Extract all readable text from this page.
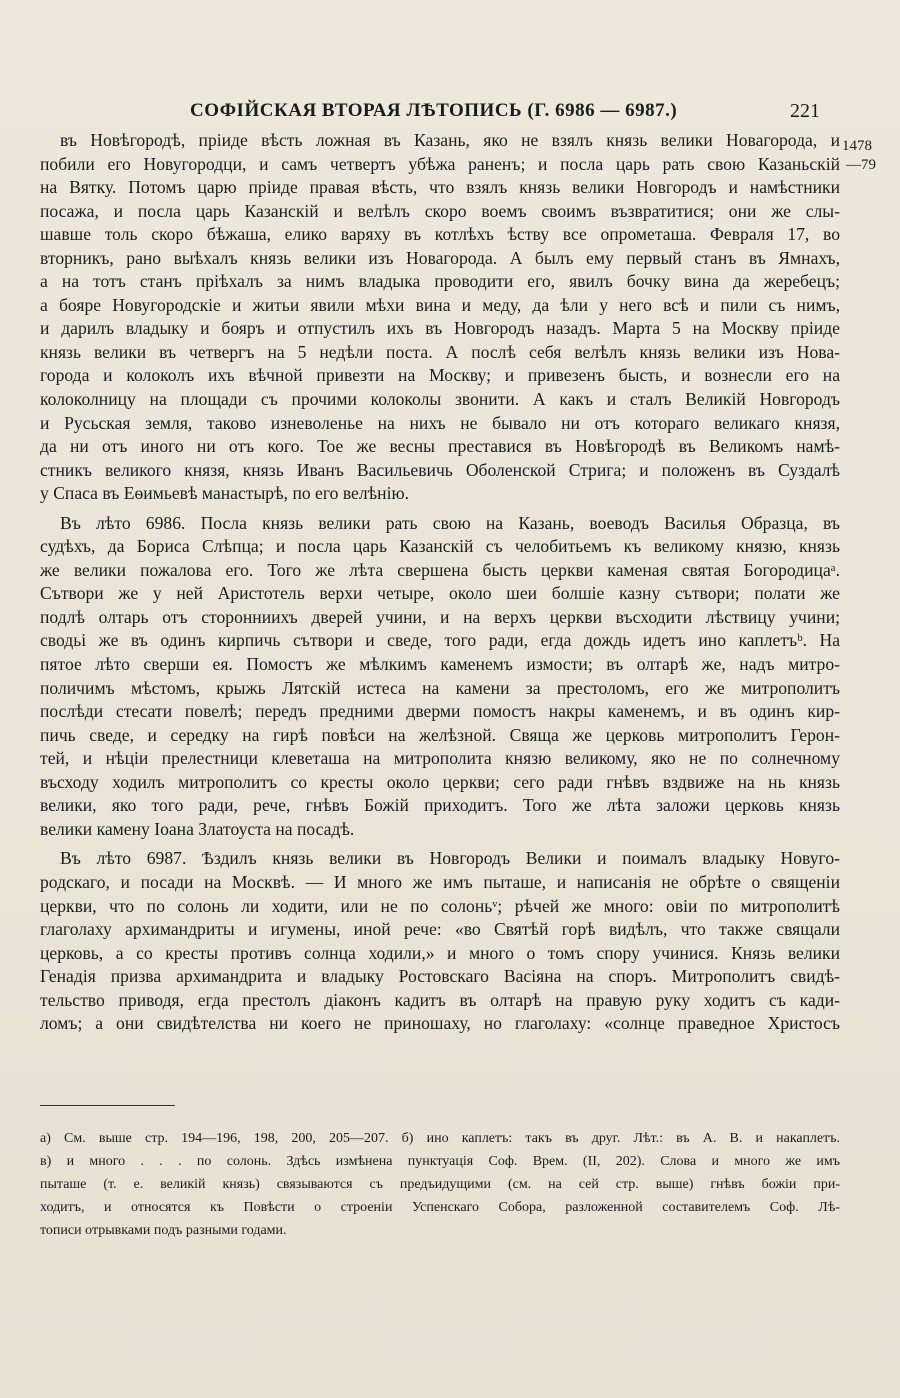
СОФІЙСКАЯ ВТОРАЯ ЛѢТОПИСЬ (Г. 6986 — 6987.)	221
1478
—79
въ Новѣгородѣ, пріиде вѣсть ложная въ Казань, яко не взялъ князь велики Новагорода, и
побили его Новугородци, и самъ четвертъ убѣжа раненъ; и посла царь рать свою Казаньскій
на Вятку. Потомъ царю пріиде правая вѣсть, что взялъ князь велики Новгородъ и намѣстники
посажа, и посла царь Казанскій и велѣлъ скоро воемъ своимъ възвратитися; они же слы-
шавше толь скоро бѣжаша, елико варяху въ котлѣхъ ѣству все опрометаша. Февраля 17, во
вторникъ, рано выѣхалъ князь велики изъ Новагорода. А былъ ему первый станъ въ Ямнахъ,
а на тотъ станъ пріѣхалъ за нимъ владыка проводити его, явилъ бочку вина да жеребецъ;
а бояре Новугородскіе и житьи явили мѣхи вина и меду, да ѣли у него всѣ и пили съ нимъ,
и дарилъ владыку и бояръ и отпустилъ ихъ въ Новгородъ назадъ. Марта 5 на Москву пріиде
князь велики въ четвергъ на 5 недѣли поста. А послѣ себя велѣлъ князь велики изъ Нова-
города и колоколъ ихъ вѣчной привезти на Москву; и привезенъ бысть, и вознесли его на
колоколницу на площади съ прочими колоколы звонити. А какъ и сталъ Великій Новгородъ
и Русьская земля, таково изневоленье на нихъ не бывало ни отъ котораго великаго князя,
да ни отъ иного ни отъ кого. Тое же весны преставися въ Новѣгородѣ въ Великомъ намѣ-
стникъ великого князя, князь Иванъ Васильевичь Оболенской Стрига; и положенъ въ Суздалѣ
у Спаса въ Еѳимьевѣ манастырѣ, по его велѣнію.
Въ лѣто 6986. Посла князь велики рать свою на Казань, воеводъ Василья Образца, въ
судѣхъ, да Бориса Слѣпца; и посла царь Казанскій съ челобитьемъ къ великому князю, князь
же велики пожалова его. Того же лѣта свершена бысть церкви каменая святая Богородицаᵃ.
Сътвори же у ней Аристотель верхи четыре, около шеи болшіе казну сътвори; полати же
подлѣ олтарь отъ сторонниихъ дверей учини, и на верхъ церкви въсходити лѣствицу учини;
сводьі же въ одинъ кирпичь сътвори и сведе, того ради, егда дождь идетъ ино каплетъᵇ. На
пятое лѣто сверши ея. Помостъ же мѣлкимъ каменемъ измости; въ олтарѣ же, надъ митро-
поличимъ мѣстомъ, крыжь Лятскій истеса на камени за престоломъ, его же митрополитъ
послѣди стесати повелѣ; передъ предними дверми помостъ накры каменемъ, и въ одинъ кир-
пичь сведе, и середку на гирѣ повѣси на желѣзной. Свяща же церковь митрополитъ Герон-
тей, и нѣціи прелестници клеветаша на митрополита князю великому, яко не по солнечному
въсходу ходилъ митрополитъ со кресты около церкви; сего ради гнѣвъ вздвиже на нь князь
велики, яко того ради, рече, гнѣвъ Божій приходитъ. Того же лѣта заложи церковь князь
велики камену Іоана Златоуста на посадѣ.
Въ лѣто 6987. Ѣздилъ князь велики въ Новгородъ Велики и поималъ владыку Новуго-
родскаго, и посади на Москвѣ. — И много же имъ пыташе, и написанія не обрѣте о священіи
церкви, что по солонь ли ходити, или не по солоньᵛ; рѣчей же много: овіи по митрополитѣ
глаголаху архимандриты и игумены, иной рече: «во Святѣй горѣ видѣлъ, что также свящали
церковь, а со кресты противъ солнца ходили,» и много о томъ спору учинися. Князь велики
Генадія призва архимандрита и владыку Ростовскаго Васіяна на споръ. Митрополитъ свидѣ-
тельство приводя, егда престолъ діаконъ кадитъ въ олтарѣ на правую руку ходитъ съ кади-
ломъ; а они свидѣтелства ни коего не приношаху, но глаголаху: «солнце праведное Христосъ
а) См. выше стр. 194—196, 198, 200, 205—207. б) ино каплетъ: такъ въ друг. Лѣт.: въ А. В. и накаплетъ.
в) и много . . . по солонь. Здѣсь измѣнена пунктуація Соф. Врем. (II, 202). Слова и много же имъ
пыташе (т. е. великій князь) связываются съ предъидущими (см. на сей стр. выше) гнѣвъ божіи при-
ходитъ, и относятся къ Повѣсти о строеніи Успенскаго Собора, разложенной составителемъ Соф. Лѣ-
тописи отрывками подъ разными годами.
